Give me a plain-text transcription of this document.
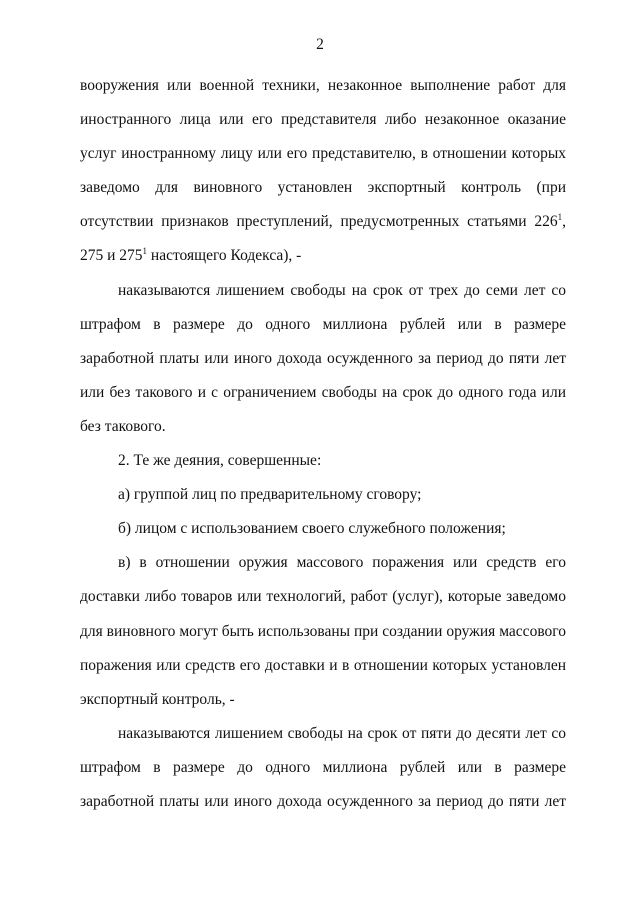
2

вооружения или военной техники, незаконное выполнение работ для иностранного лица или его представителя либо незаконное оказание услуг иностранному лицу или его представителю, в отношении которых заведомо для виновного установлен экспортный контроль (при отсутствии признаков преступлений, предусмотренных статьями $226^1$, 275 и $275^1$ настоящего Кодекса), -

наказываются лишением свободы на срок от трех до семи лет со штрафом в размере до одного миллиона рублей или в размере заработной платы или иного дохода осужденного за период до пяти лет или без такового и с ограничением свободы на срок до одного года или без такового.

2. Те же деяния, совершенные:

а) группой лиц по предварительному сговору;

б) лицом с использованием своего служебного положения;

в) в отношении оружия массового поражения или средств его доставки либо товаров или технологий, работ (услуг), которые заведомо для виновного могут быть использованы при создании оружия массового поражения или средств его доставки и в отношении которых установлен экспортный контроль, -

наказываются лишением свободы на срок от пяти до десяти лет со штрафом в размере до одного миллиона рублей или в размере заработной платы или иного дохода осужденного за период до пяти лет
